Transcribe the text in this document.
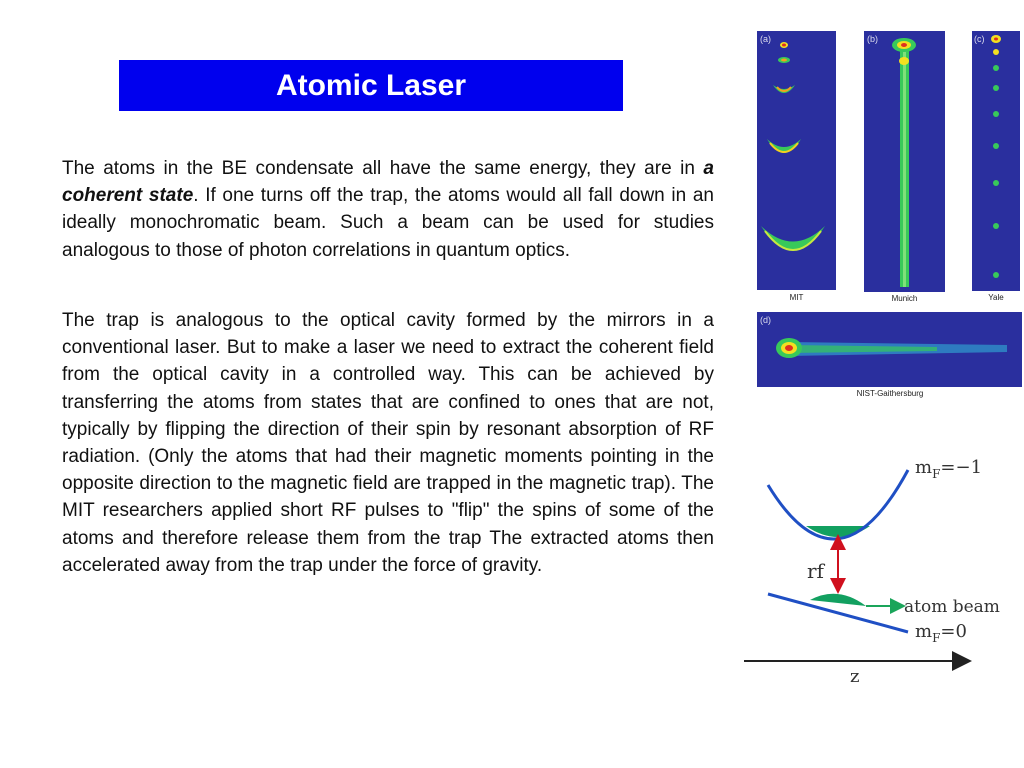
Atomic Laser

The atoms in the BE condensate all have the same energy, they are in a coherent state. If one turns off the trap, the atoms would all fall down in an ideally monochromatic beam. Such a beam can be used for studies analogous to those of photon correlations in quantum optics.

The trap is analogous to the optical cavity formed by the mirrors in a conventional laser. But to make a laser we need to extract the coherent field from the optical cavity in a controlled way. This can be achieved by transferring the atoms from states that are confined to ones that are not, typically by flipping the direction of their spin by resonant absorption of RF radiation. (Only the atoms that had their magnetic moments pointing in the opposite direction to the magnetic field are trapped in the magnetic trap). The MIT researchers applied short RF pulses to "flip" the spins of some of the atoms and therefore release them from the trap The extracted atoms then accelerated away from the trap under the force of gravity.

(a)
MIT
(b)
Munich
(c)
Yale
(d)
NIST-Gaithersburg
rf
atom beam
$m_F=-1$
$m_F=0$
z
